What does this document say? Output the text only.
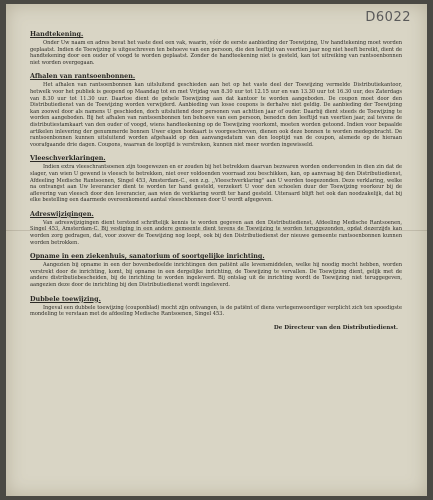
D6022

Handtekening.

Onder Uw naam en adres bevat het vaste deel een vak, waarin, vóór de eerste aanbieding der Toewijzing, Uw handtekening moet worden geplaatst. Indien de Toewijzing is uitgeschreven ten behoeve van een persoon, die den leeftijd van veertien jaar nog niet heeft bereikt, dient de handtekening door een ouder of voogd te worden geplaatst. Zonder de handteekening niet is gesteld, kan tot uitreiking van rantsoenbonnen niet worden overgegaan.

Afhalen van rantsoenbonnen.

Het afhalen van rantsoenbonnen kan uitsluitend geschieden aan het op het vaste deel der Toewijzing vermelde Distributiekantoor, hetwelk voor het publiek is geopend op Maandag tot en met Vrijdag van 8.30 uur tot 12.15 uur en van 13.30 uur tot 16.30 uur, des Zaterdags van 8.30 uur tot 11.30 uur. Daartoe dient de gehele Toewijzing aan dat kantoor te worden aangeboden. De coupon moet door den Distributiedienst van de Toewijzing worden verwijderd. Aanbieding van losse coupons is derhalve niet geldig. De aanbieding der Toewijzing kan zoowel door als namens U geschieden, doch uitsluitend door personen van achttien jaar of ouder. Daarbij dient steeds de Toewijzing te worden aangeboden. Bij het afhalen van rantsoenbonnen ten behoeve van een persoon, benedcn den leeftijd van veertien jaar, zal tevens de distributiestamkaart van den ouder of voogd, wiens handteekening op de Toewijzing voorkomt, moeten worden getoond. Indien voor bepaalde artikelen inlevering der genummerde bonnen Uwer eigen bonkaart is voorgeschreven, dienen ook deze bonnen te worden medegebracht. De rantsoenbonnen kunnen uitsluitend worden afgehaald op den aanvangsdatum van den looptijd van de coupon, alsmede op de hieraan voorafgaande drie dagen. Coupons, waarvan de looptijd is verstreken, kunnen niet meer worden ingewisseld.

Vleeschverklaringen.

Indien extra vleeschrantsoenen zijn toegewezen en er zouden bij het betrekken daarvan bezwaren worden ondervonden in dien zin dat de slager, van wien U gewend is vleesch te betrekken, niet over voldoenden voorraad zou beschikken, kan, op aanvraag bij den Distributiedienst, Afdeeling Medische Rantsoenen, Singel 453, Amsterdam-C., een z.g. ,,Vleeschverklaring'' aan U worden toegezonden. Deze verklaring, welke na ontvangst aan Uw leverancier dient te worden ter hand gesteld, verzekert U voor den schoelen duur der Toewijzing voorkeur bij de aflevering van vleesch door den leverancier, aan wien de verklaring wordt ter hand gesteld. Uiteraard blijft het ook dan noodzakelijk, dat bij elke bestelling een daarmede overeenkomend aantal vleeschbonnen door U wordt afgegeven.

Adreswijzigingen.

Van adreswijzigingen dient terstond schriftelijk kennis te worden gegeven aan den Distributiedienst, Afdeeling Medische Rantsoenen, Singel 453, Amsterdam-C. Bij vestiging in een andere gemeente dient tevens de Toewijzing te worden teruggezonden, opdat dezerzijds kan worden zorg gedragen, dat, voor zoover de Toewijzing nog loopt, ook bij den Distributiedienst der nieuwe gemeente rantsoenbonnen kunnen worden betrokken.

Opname in een ziekenhuis, sanatorium of soortgelijke inrichting.

Aangezien bij opname in een der bovenbedoelde inrichtingen den patiënt alle levensmiddelen, welke hij noodig mocht hebben, worden verstrekt door de inrichting, komt, bij opname in een dergelijke inrichting, de Toewijzing te vervallen. De Toewijzing dient, gelijk met de andere distributiebescheiden, bij de inrichting te worden ingeleverd. Bij ontslag uit de inrichting wordt de Toewijzing niet teruggegeven, aangezien deze door de inrichting bij den Distributiedienst wordt ingeleverd.

Dubbele toewijzing.

Ingeval een dubbele toewijzing (couponblad) mocht zijn ontvangen, is de patiënt of diens vertegenwoordiger verplicht zich ten spoedigste mondeling te verstaan met de afdeeling Medische Rantsoenen, Singel 453.

De Directeur van den Distributiedienst.
